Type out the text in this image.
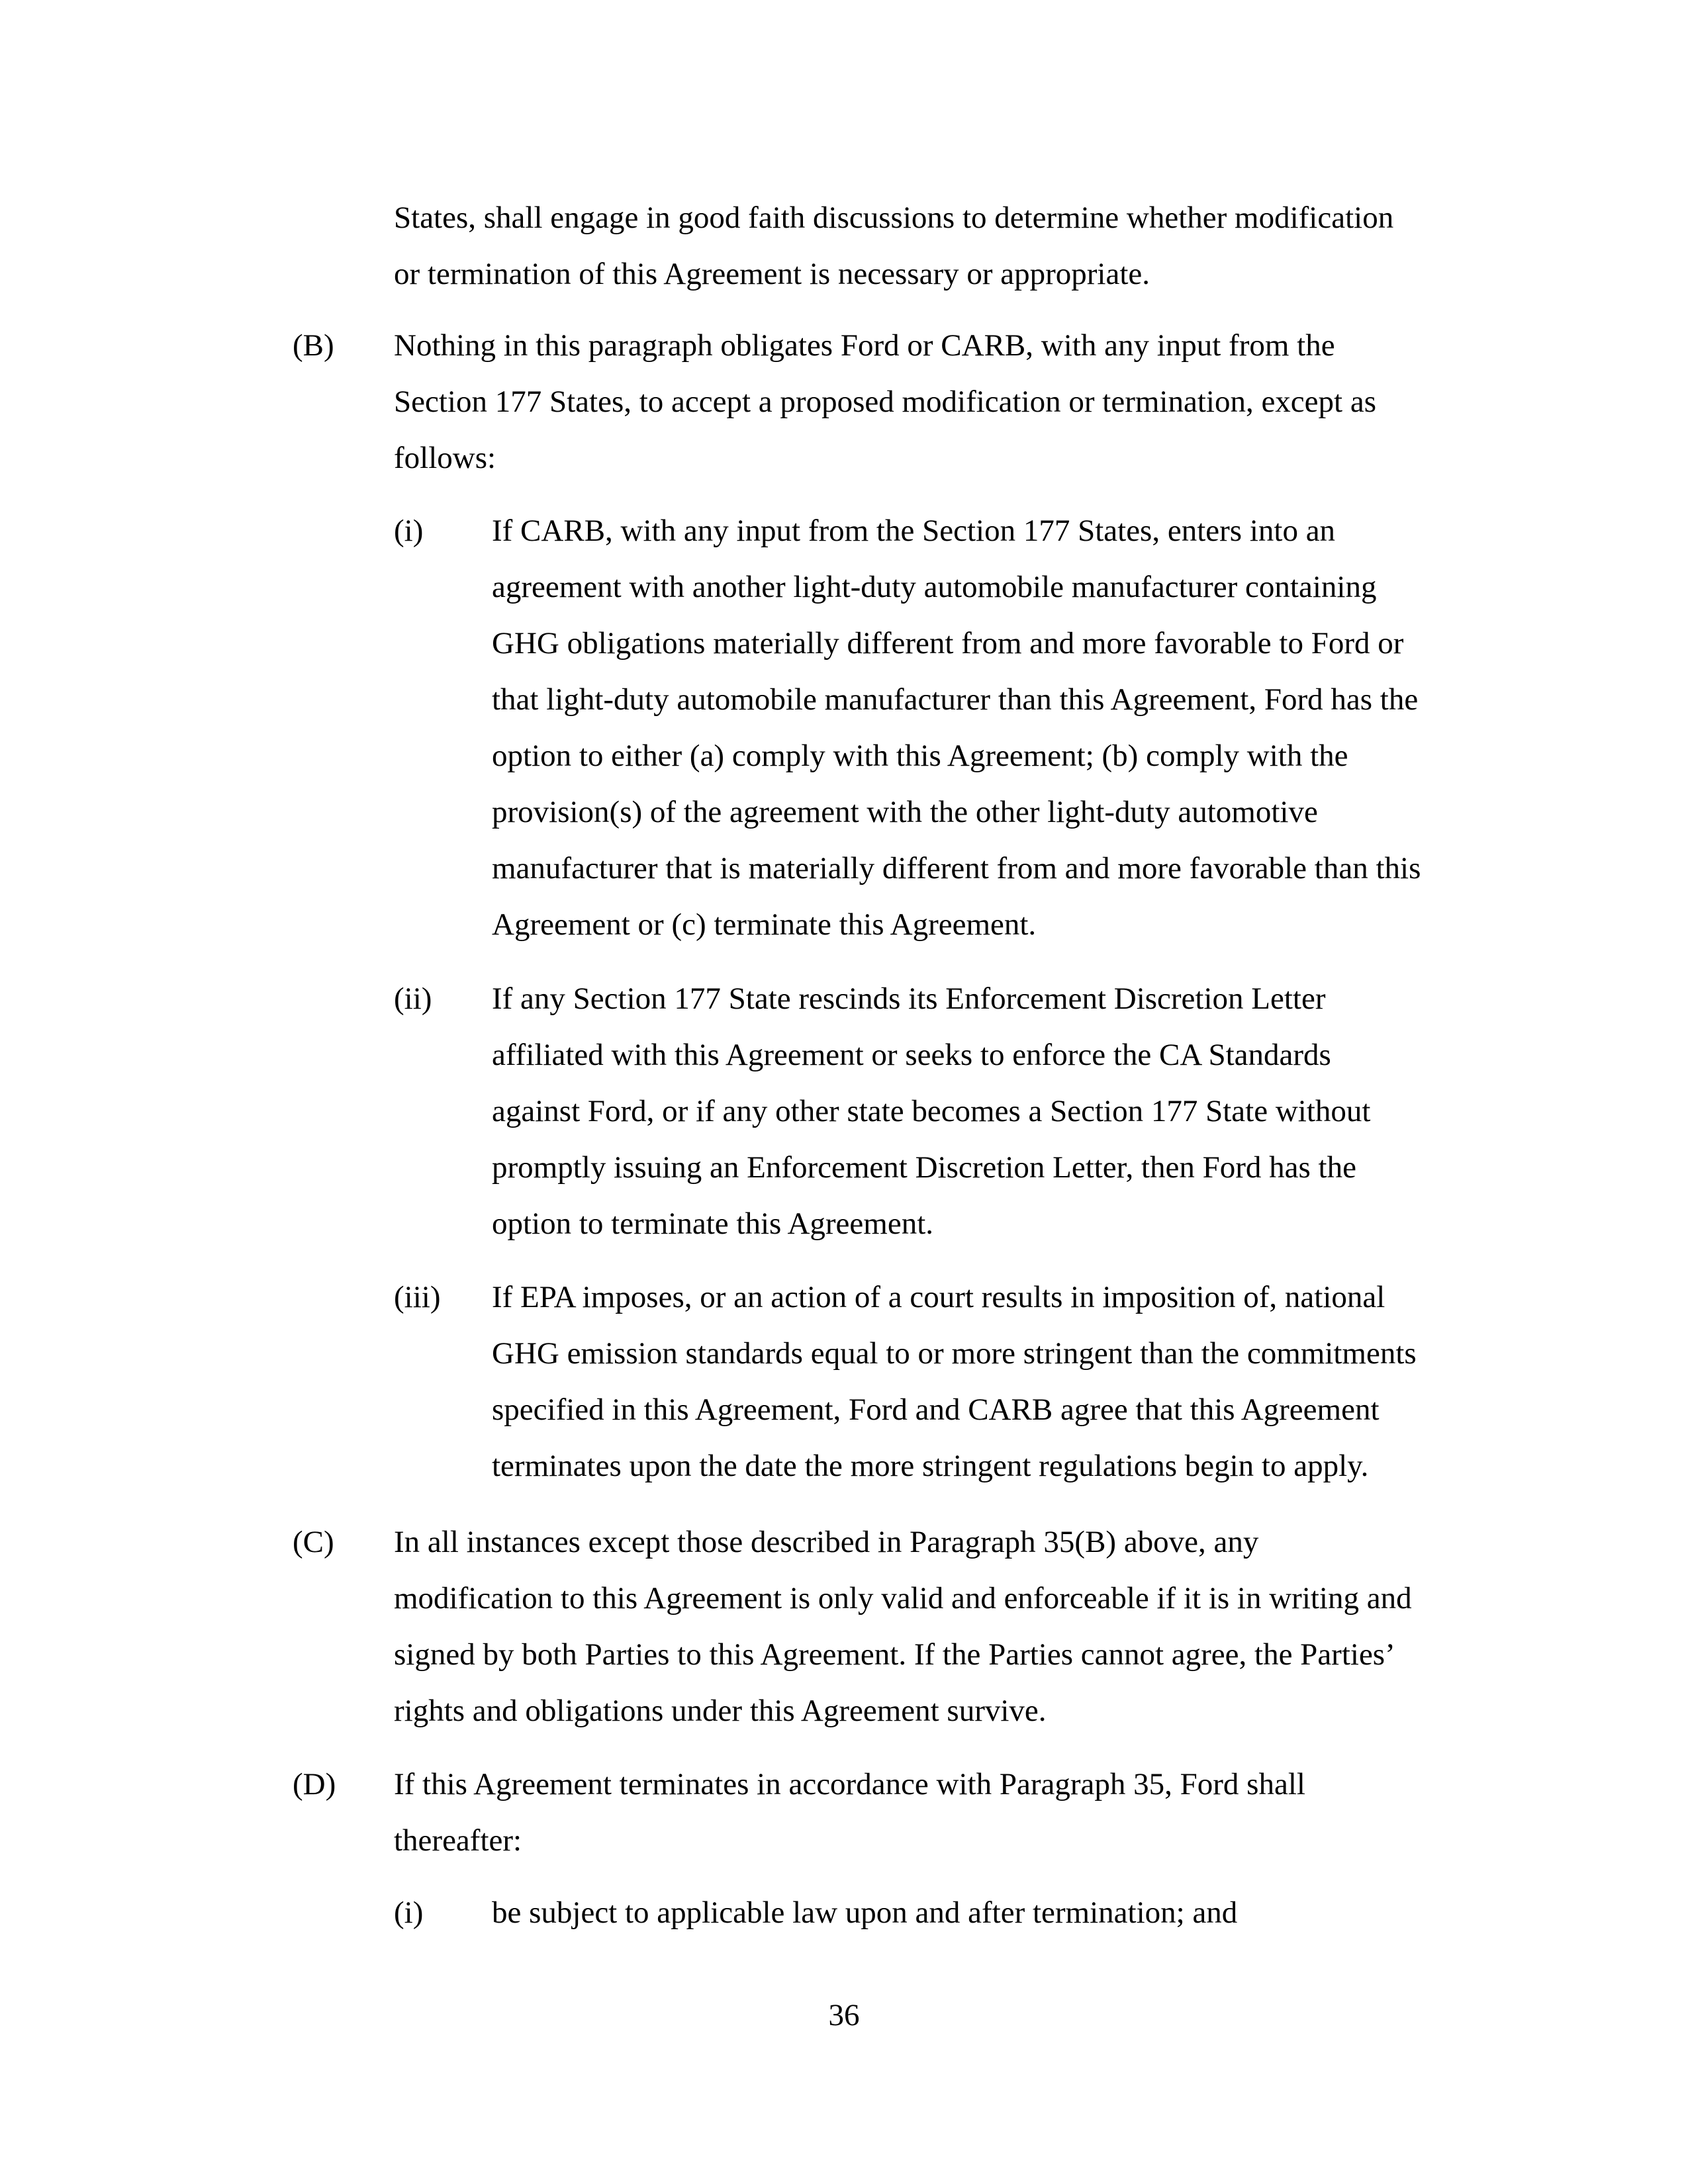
States, shall engage in good faith discussions to determine whether modification
or termination of this Agreement is necessary or appropriate.

(B) Nothing in this paragraph obligates Ford or CARB, with any input from the
Section 177 States, to accept a proposed modification or termination, except as
follows:

(i) If CARB, with any input from the Section 177 States, enters into an
agreement with another light-duty automobile manufacturer containing
GHG obligations materially different from and more favorable to Ford or
that light-duty automobile manufacturer than this Agreement, Ford has the
option to either (a) comply with this Agreement; (b) comply with the
provision(s) of the agreement with the other light-duty automotive
manufacturer that is materially different from and more favorable than this
Agreement or (c) terminate this Agreement.

(ii) If any Section 177 State rescinds its Enforcement Discretion Letter
affiliated with this Agreement or seeks to enforce the CA Standards
against Ford, or if any other state becomes a Section 177 State without
promptly issuing an Enforcement Discretion Letter, then Ford has the
option to terminate this Agreement.

(iii) If EPA imposes, or an action of a court results in imposition of, national
GHG emission standards equal to or more stringent than the commitments
specified in this Agreement, Ford and CARB agree that this Agreement
terminates upon the date the more stringent regulations begin to apply.

(C) In all instances except those described in Paragraph 35(B) above, any
modification to this Agreement is only valid and enforceable if it is in writing and
signed by both Parties to this Agreement. If the Parties cannot agree, the Parties’
rights and obligations under this Agreement survive.

(D) If this Agreement terminates in accordance with Paragraph 35, Ford shall
thereafter:

(i) be subject to applicable law upon and after termination; and

36
